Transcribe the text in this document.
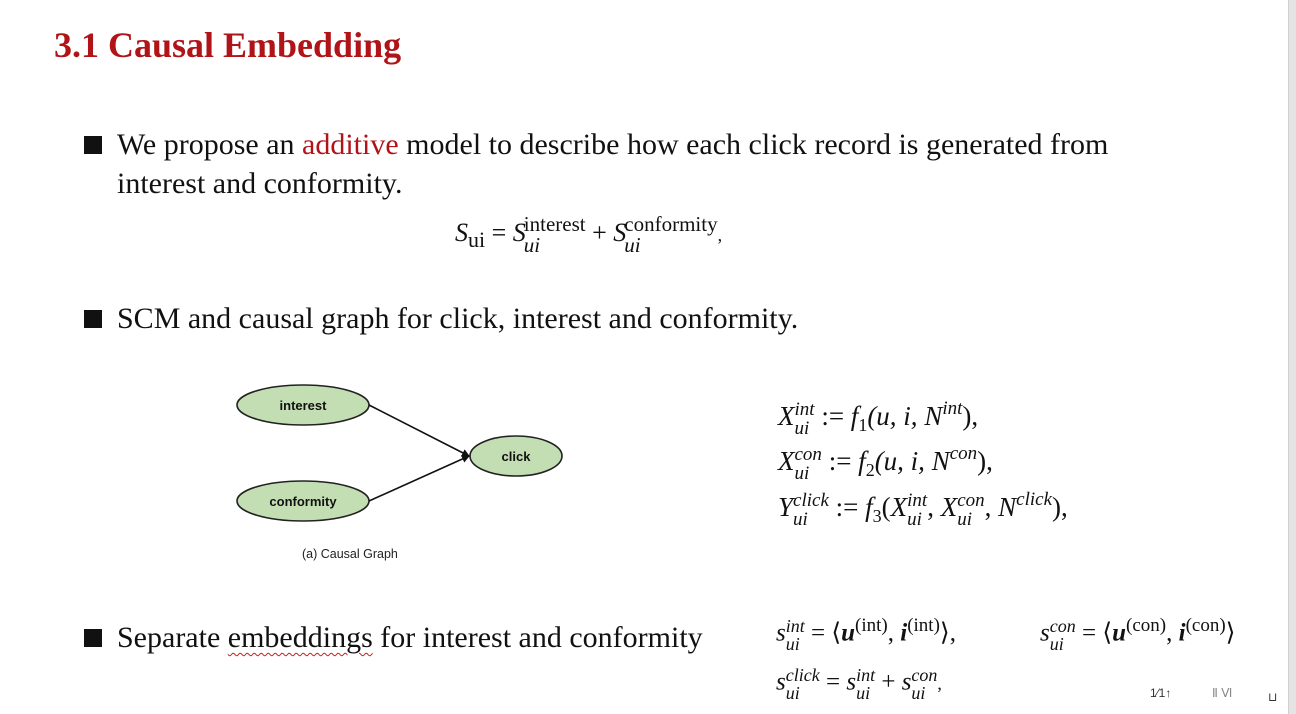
3.1 Causal Embedding
We propose an additive model to describe how each click record is generated from
interest and conformity.
$S_{ui} = S$
interest
ui	+ S
conformity
ui	,
SCM and causal graph for click, interest and conformity.
interest
conformity
click
(a) Causal Graph
X int
ui := $f_1(u$, i, $N^{int}$),
X con
ui := $f_2(u$, i, $N^{con}$),
Y click
ui	:= $f_3(X$ int
ui , X con
ui , $N^{click}$),
Separate embeddings for interest and conformity	s int
ui = $⟨u^{(int)}$, $i^{(int)}⟩$,	s con
ui = $⟨u^{(con)}$, $i^{(con)}⟩$
s click
ui	= s int
ui + s con
ui ,	1⁄1↑	Ⅱ Ⅵ	⊔
